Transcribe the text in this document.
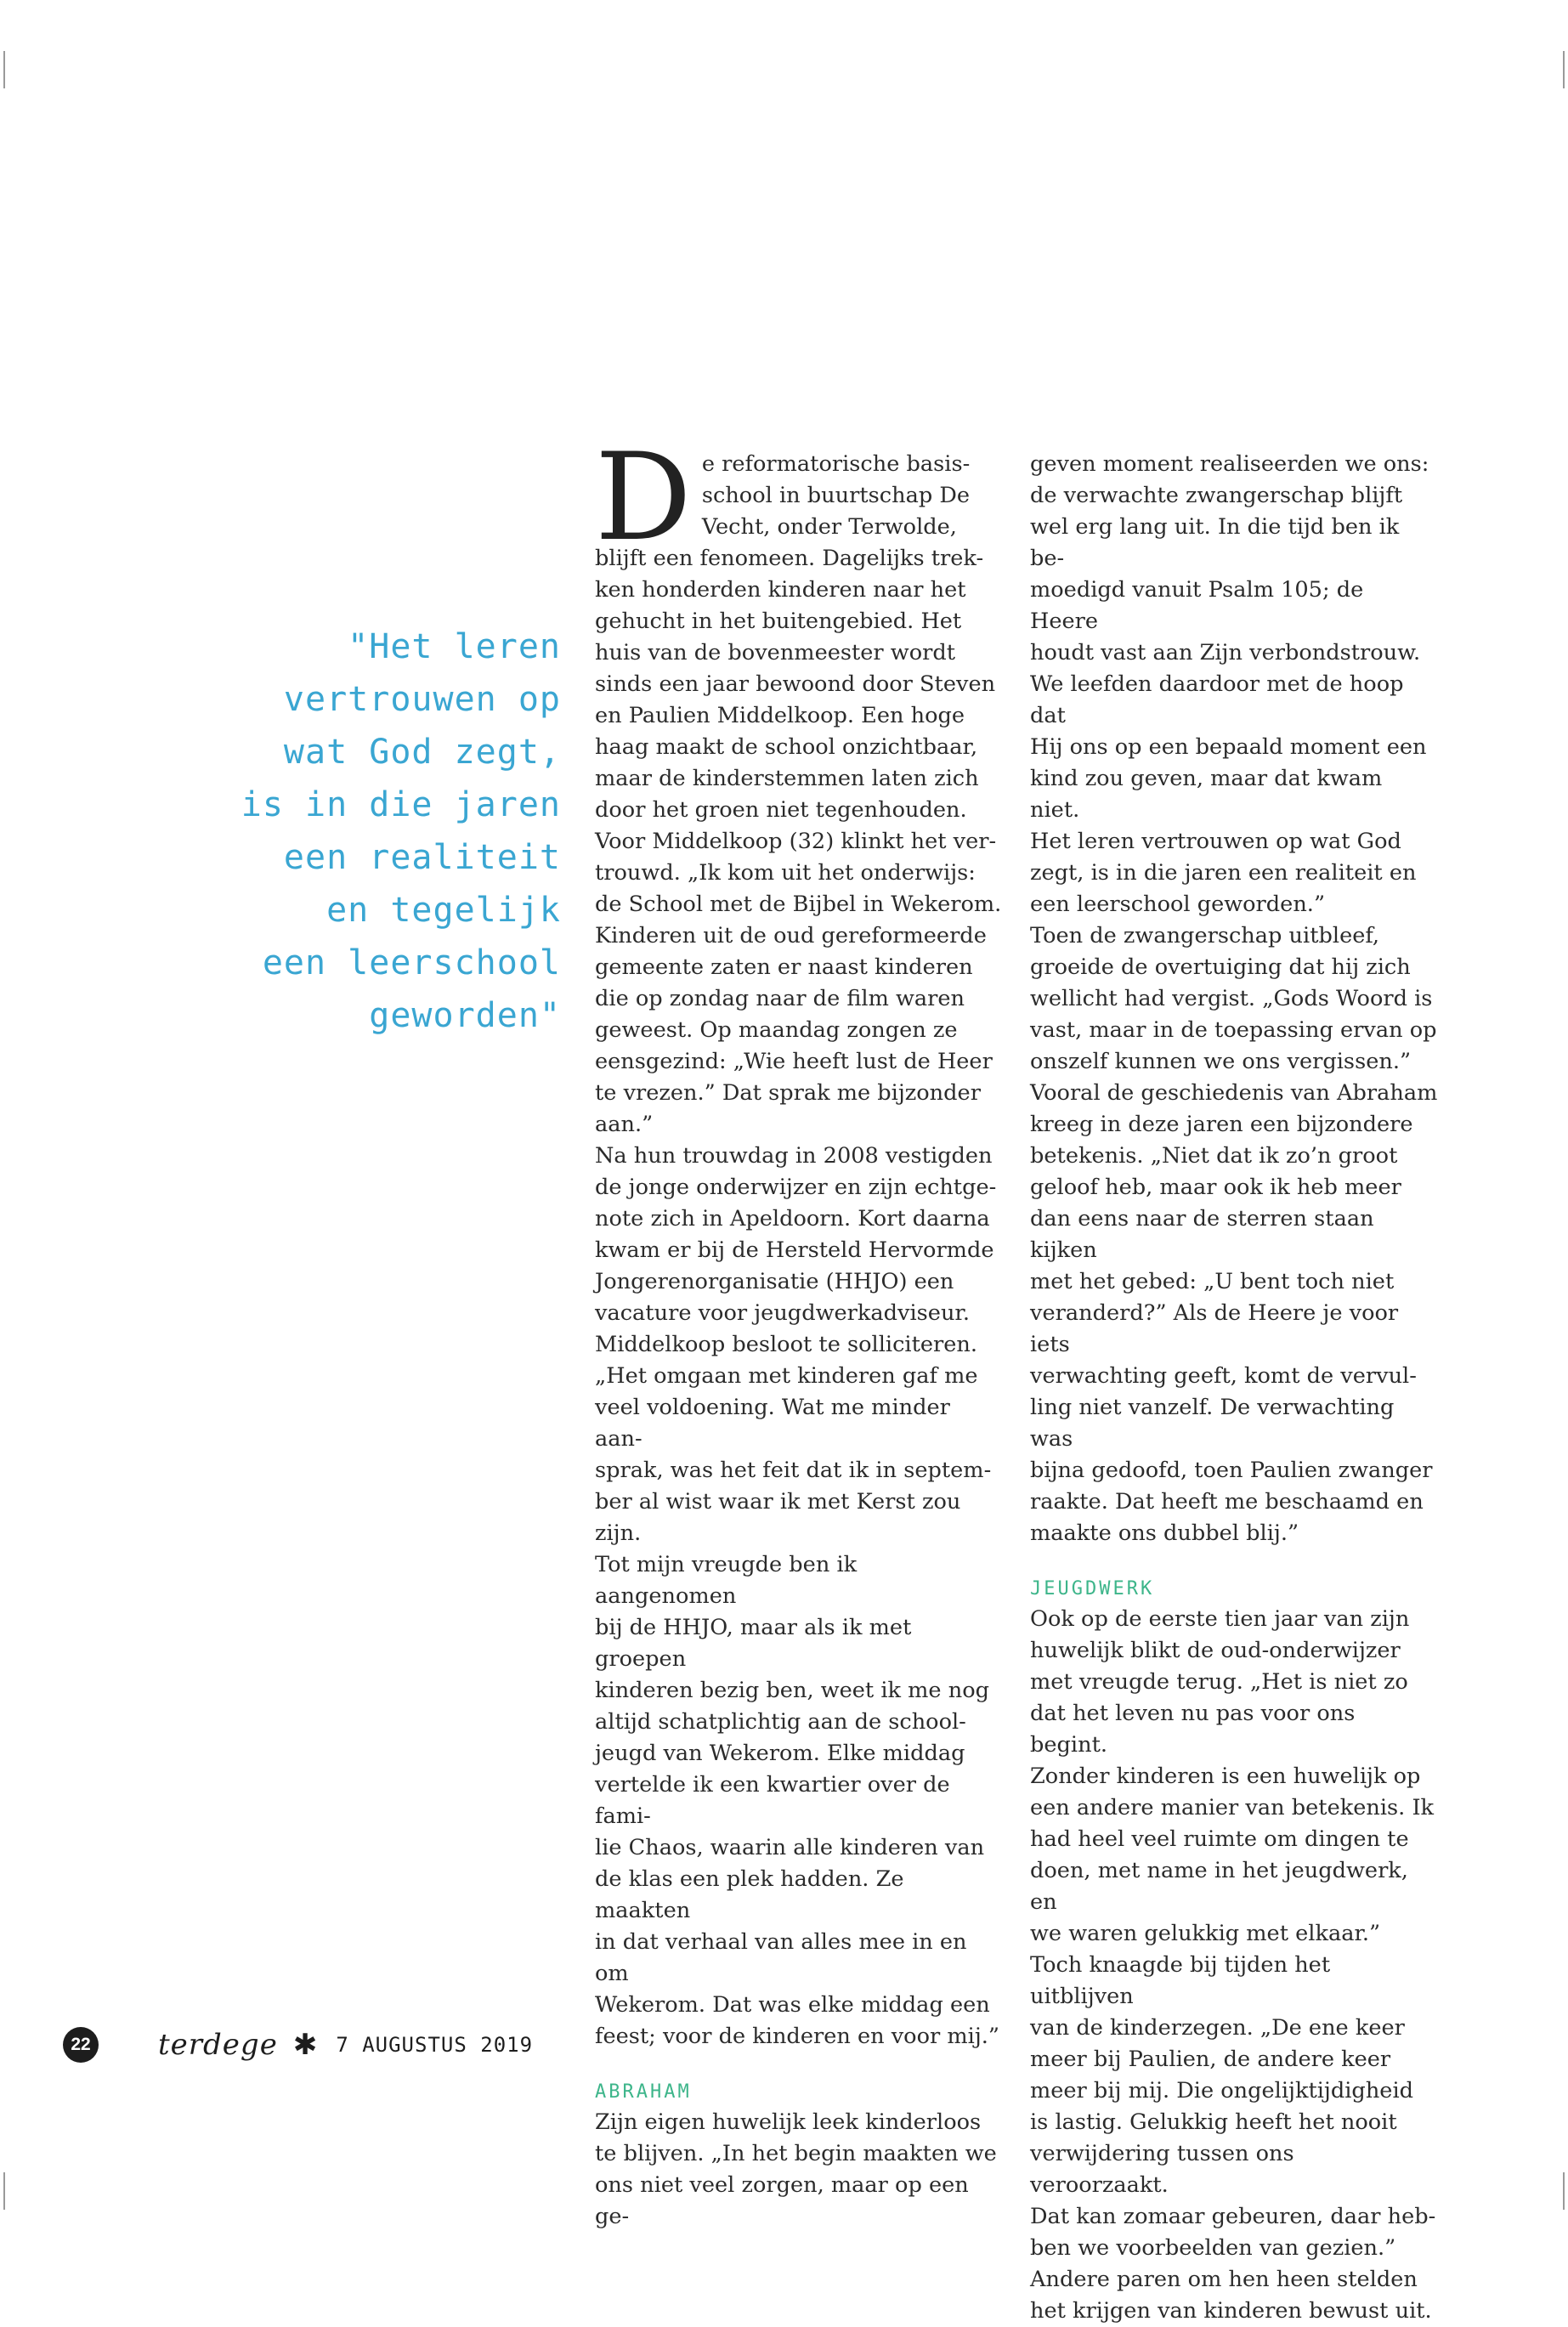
"Het leren
vertrouwen op
wat God zegt,
is in die jaren
een realiteit
en tegelijk
een leerschool
geworden"
D e reformatorische basis-
school in buurtschap De
Vecht, onder Terwolde,
blijft een fenomeen. Dagelijks trek-
ken honderden kinderen naar het
gehucht in het buitengebied. Het
huis van de bovenmeester wordt
sinds een jaar bewoond door Steven
en Paulien Middelkoop. Een hoge
haag maakt de school onzichtbaar,
maar de kinderstemmen laten zich
door het groen niet tegenhouden.
Voor Middelkoop (32) klinkt het ver-
trouwd. „Ik kom uit het onderwijs:
de School met de Bijbel in Wekerom.
Kinderen uit de oud gereformeerde
gemeente zaten er naast kinderen
die op zondag naar de film waren
geweest. Op maandag zongen ze
eensgezind: „Wie heeft lust de Heer
te vrezen.” Dat sprak me bijzonder
aan.”
Na hun trouwdag in 2008 vestigden
de jonge onderwijzer en zijn echtge-
note zich in Apeldoorn. Kort daarna
kwam er bij de Hersteld Hervormde
Jongerenorganisatie (HHJO) een
vacature voor jeugdwerkadviseur.
Middelkoop besloot te solliciteren.
„Het omgaan met kinderen gaf me
veel voldoening. Wat me minder aan-
sprak, was het feit dat ik in septem-
ber al wist waar ik met Kerst zou zijn.
Tot mijn vreugde ben ik aangenomen
bij de HHJO, maar als ik met groepen
kinderen bezig ben, weet ik me nog
altijd schatplichtig aan de school-
jeugd van Wekerom. Elke middag
vertelde ik een kwartier over de fami-
lie Chaos, waarin alle kinderen van
de klas een plek hadden. Ze maakten
in dat verhaal van alles mee in en om
Wekerom. Dat was elke middag een
feest; voor de kinderen en voor mij.”
ABRAHAM
Zijn eigen huwelijk leek kinderloos
te blijven. „In het begin maakten we
ons niet veel zorgen, maar op een ge-
geven moment realiseerden we ons:
de verwachte zwangerschap blijft
wel erg lang uit. In die tijd ben ik be-
moedigd vanuit Psalm 105; de Heere
houdt vast aan Zijn verbondstrouw.
We leefden daardoor met de hoop dat
Hij ons op een bepaald moment een
kind zou geven, maar dat kwam niet.
Het leren vertrouwen op wat God
zegt, is in die jaren een realiteit en
een leerschool geworden.”
Toen de zwangerschap uitbleef,
groeide de overtuiging dat hij zich
wellicht had vergist. „Gods Woord is
vast, maar in de toepassing ervan op
onszelf kunnen we ons vergissen.”
Vooral de geschiedenis van Abraham
kreeg in deze jaren een bijzondere
betekenis. „Niet dat ik zo’n groot
geloof heb, maar ook ik heb meer
dan eens naar de sterren staan kijken
met het gebed: „U bent toch niet
veranderd?” Als de Heere je voor iets
verwachting geeft, komt de vervul-
ling niet vanzelf. De verwachting was
bijna gedoofd, toen Paulien zwanger
raakte. Dat heeft me beschaamd en
maakte ons dubbel blij.”
JEUGDWERK
Ook op de eerste tien jaar van zijn
huwelijk blikt de oud-onderwijzer
met vreugde terug. „Het is niet zo
dat het leven nu pas voor ons begint.
Zonder kinderen is een huwelijk op
een andere manier van betekenis. Ik
had heel veel ruimte om dingen te
doen, met name in het jeugdwerk, en
we waren gelukkig met elkaar.”
Toch knaagde bij tijden het uitblijven
van de kinderzegen. „De ene keer
meer bij Paulien, de andere keer
meer bij mij. Die ongelijktijdigheid
is lastig. Gelukkig heeft het nooit
verwijdering tussen ons veroorzaakt.
Dat kan zomaar gebeuren, daar heb-
ben we voorbeelden van gezien.”
Andere paren om hen heen stelden
het krijgen van kinderen bewust uit.
22 terdege ✱ 7 AUGUSTUS 2019
